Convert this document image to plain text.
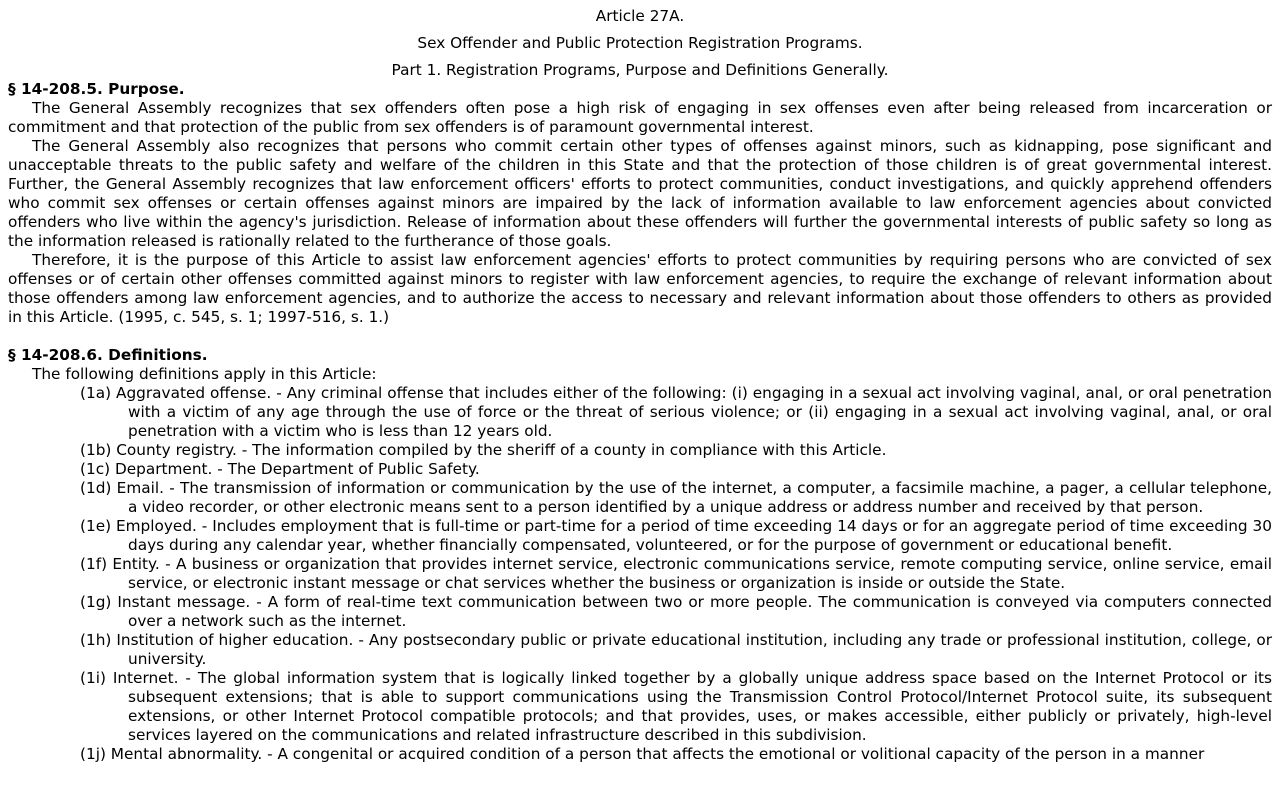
Article 27A.

Sex Offender and Public Protection Registration Programs.

Part 1. Registration Programs, Purpose and Definitions Generally.

§ 14-208.5. Purpose.

The General Assembly recognizes that sex offenders often pose a high risk of engaging in sex offenses even after being released from incarceration or commitment and that protection of the public from sex offenders is of paramount governmental interest.

The General Assembly also recognizes that persons who commit certain other types of offenses against minors, such as kidnapping, pose significant and unacceptable threats to the public safety and welfare of the children in this State and that the protection of those children is of great governmental interest. Further, the General Assembly recognizes that law enforcement officers' efforts to protect communities, conduct investigations, and quickly apprehend offenders who commit sex offenses or certain offenses against minors are impaired by the lack of information available to law enforcement agencies about convicted offenders who live within the agency's jurisdiction. Release of information about these offenders will further the governmental interests of public safety so long as the information released is rationally related to the furtherance of those goals.

Therefore, it is the purpose of this Article to assist law enforcement agencies' efforts to protect communities by requiring persons who are convicted of sex offenses or of certain other offenses committed against minors to register with law enforcement agencies, to require the exchange of relevant information about those offenders among law enforcement agencies, and to authorize the access to necessary and relevant information about those offenders to others as provided in this Article. (1995, c. 545, s. 1; 1997-516, s. 1.)

§ 14-208.6. Definitions.

The following definitions apply in this Article:

(1a) Aggravated offense. - Any criminal offense that includes either of the following: (i) engaging in a sexual act involving vaginal, anal, or oral penetration with a victim of any age through the use of force or the threat of serious violence; or (ii) engaging in a sexual act involving vaginal, anal, or oral penetration with a victim who is less than 12 years old.

(1b) County registry. - The information compiled by the sheriff of a county in compliance with this Article.

(1c) Department. - The Department of Public Safety.

(1d) Email. - The transmission of information or communication by the use of the internet, a computer, a facsimile machine, a pager, a cellular telephone, a video recorder, or other electronic means sent to a person identified by a unique address or address number and received by that person.

(1e) Employed. - Includes employment that is full-time or part-time for a period of time exceeding 14 days or for an aggregate period of time exceeding 30 days during any calendar year, whether financially compensated, volunteered, or for the purpose of government or educational benefit.

(1f) Entity. - A business or organization that provides internet service, electronic communications service, remote computing service, online service, email service, or electronic instant message or chat services whether the business or organization is inside or outside the State.

(1g) Instant message. - A form of real-time text communication between two or more people. The communication is conveyed via computers connected over a network such as the internet.

(1h) Institution of higher education. - Any postsecondary public or private educational institution, including any trade or professional institution, college, or university.

(1i) Internet. - The global information system that is logically linked together by a globally unique address space based on the Internet Protocol or its subsequent extensions; that is able to support communications using the Transmission Control Protocol/Internet Protocol suite, its subsequent extensions, or other Internet Protocol compatible protocols; and that provides, uses, or makes accessible, either publicly or privately, high-level services layered on the communications and related infrastructure described in this subdivision.

(1j) Mental abnormality. - A congenital or acquired condition of a person that affects the emotional or volitional capacity of the person in a manner
